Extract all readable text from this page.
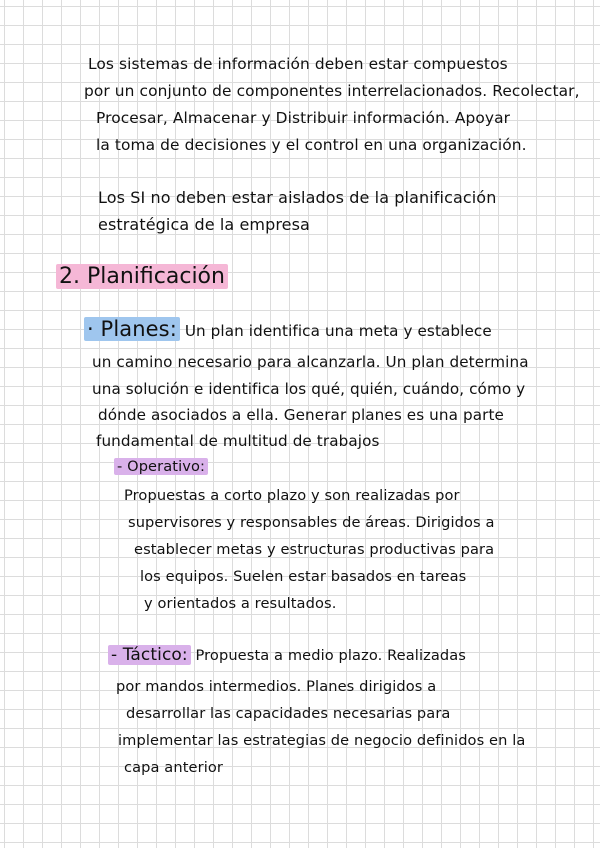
Los sistemas de información deben estar compuestos

por un conjunto de componentes interrelacionados. Recolectar,

Procesar, Almacenar y Distribuir información. Apoyar

la toma de decisiones y el control en una organización.

Los SI no deben estar aislados de la planificación

estratégica de la empresa

2. Planificación

· Planes: Un plan identifica una meta y establece

un camino necesario para alcanzarla. Un plan determina

una solución e identifica los qué, quién, cuándo, cómo y

dónde asociados a ella. Generar planes es una parte

fundamental de multitud de trabajos

- Operativo:

Propuestas a corto plazo y son realizadas por

supervisores y responsables de áreas. Dirigidos a

establecer metas y estructuras productivas para

los equipos. Suelen estar basados en tareas

y orientados a resultados.

- Táctico: Propuesta a medio plazo. Realizadas

por mandos intermedios. Planes dirigidos a

desarrollar las capacidades necesarias para

implementar las estrategias de negocio definidos en la

capa anterior
